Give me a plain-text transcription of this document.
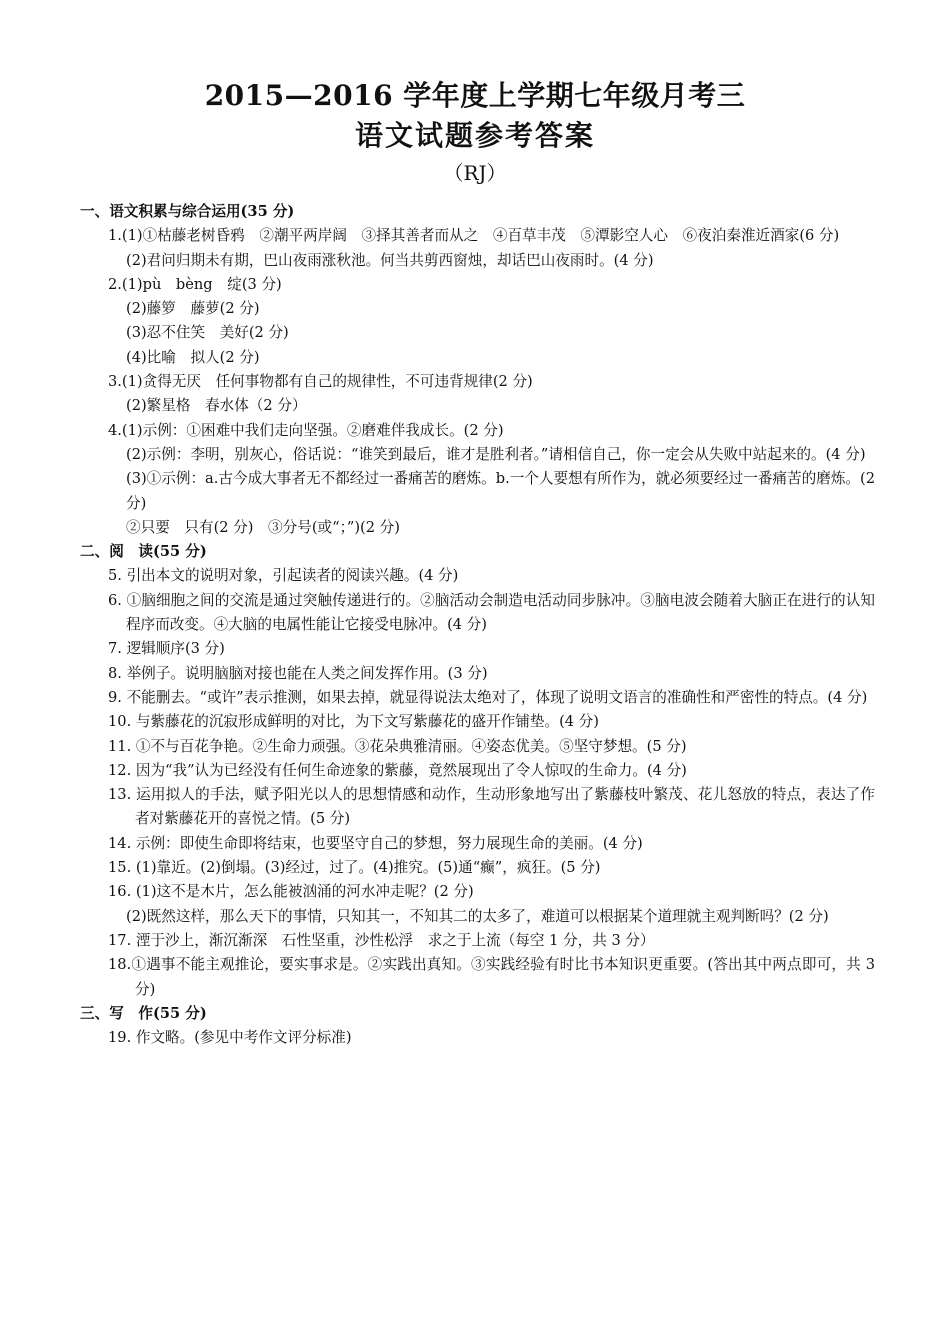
2015—2016 学年度上学期七年级月考三
语文试题参考答案
（RJ）
一、语文积累与综合运用(35 分)
1.(1)①枯藤老树昏鸦　②潮平两岸阔　③择其善者而从之　④百草丰茂　⑤潭影空人心　⑥夜泊秦淮近酒家(6 分)
(2)君问归期未有期，巴山夜雨涨秋池。何当共剪西窗烛，却话巴山夜雨时。(4 分)
2.(1)pù　bèng　绽(3 分)
(2)藤箩　藤萝(2 分)
(3)忍不住笑　美好(2 分)
(4)比喻　拟人(2 分)
3.(1)贪得无厌　任何事物都有自己的规律性，不可违背规律(2 分)
(2)繁星格　春水体（2 分）
4.(1)示例：①困难中我们走向坚强。②磨难伴我成长。(2 分)
(2)示例：李明，别灰心，俗话说：“谁笑到最后，谁才是胜利者。”请相信自己，你一定会从失败中站起来的。(4 分)
(3)①示例：a.古今成大事者无不都经过一番痛苦的磨炼。b.一个人要想有所作为，就必须要经过一番痛苦的磨炼。(2 分)
②只要　只有(2 分)　③分号(或“；”)(2 分)
二、阅　读(55 分)
5. 引出本文的说明对象，引起读者的阅读兴趣。(4 分)
6. ①脑细胞之间的交流是通过突触传递进行的。②脑活动会制造电活动同步脉冲。③脑电波会随着大脑正在进行的认知程序而改变。④大脑的电属性能让它接受电脉冲。(4 分)
7. 逻辑顺序(3 分)
8. 举例子。说明脑脑对接也能在人类之间发挥作用。(3 分)
9. 不能删去。“或许”表示推测，如果去掉，就显得说法太绝对了，体现了说明文语言的准确性和严密性的特点。(4 分)
10. 与紫藤花的沉寂形成鲜明的对比，为下文写紫藤花的盛开作铺垫。(4 分)
11. ①不与百花争艳。②生命力顽强。③花朵典雅清丽。④姿态优美。⑤坚守梦想。(5 分)
12. 因为“我”认为已经没有任何生命迹象的紫藤，竟然展现出了令人惊叹的生命力。(4 分)
13. 运用拟人的手法，赋予阳光以人的思想情感和动作，生动形象地写出了紫藤枝叶繁茂、花儿怒放的特点，表达了作者对紫藤花开的喜悦之情。(5 分)
14. 示例：即使生命即将结束，也要坚守自己的梦想，努力展现生命的美丽。(4 分)
15. (1)靠近。(2)倒塌。(3)经过，过了。(4)推究。(5)通“癫”，疯狂。(5 分)
16. (1)这不是木片，怎么能被汹涌的河水冲走呢？(2 分)
(2)既然这样，那么天下的事情，只知其一，不知其二的太多了，难道可以根据某个道理就主观判断吗？(2 分)
17. 湮于沙上，渐沉渐深　石性坚重，沙性松浮　求之于上流（每空 1 分，共 3 分）
18.①遇事不能主观推论，要实事求是。②实践出真知。③实践经验有时比书本知识更重要。(答出其中两点即可，共 3 分)
三、写　作(55 分)
19. 作文略。(参见中考作文评分标准)
